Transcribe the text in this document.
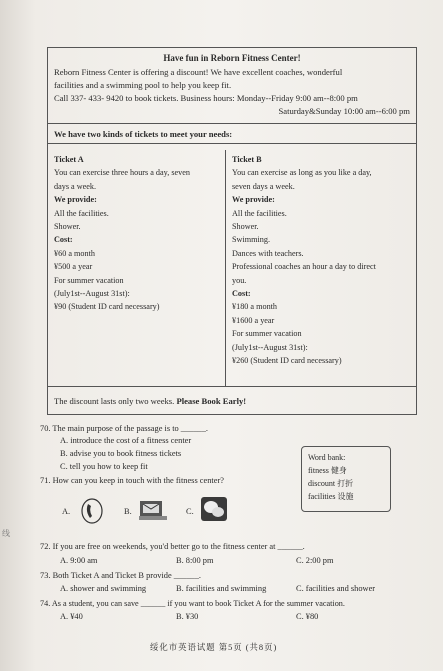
Have fun in Reborn Fitness Center!
Reborn Fitness Center is offering a discount! We have excellent coaches, wonderful
facilities and a swimming pool to help you keep fit.
Call 337- 433- 9420 to book tickets. Business hours: Monday--Friday 9:00 am--8:00 pm
Saturday&Sunday 10:00 am--6:00 pm
We have two kinds of tickets to meet your needs:
Ticket A
You can exercise three hours a day, seven
days a week.
We provide:
All the facilities.
Shower.
Cost:
¥60 a month
¥500 a year
For summer vacation
(July1st--August 31st):
¥90 (Student ID card necessary)
Ticket B
You can exercise as long as you like a day,
seven days a week.
We provide:
All the facilities.
Shower.
Swimming.
Dances with teachers.
Professional coaches an hour a day to direct
you.
Cost:
¥180 a month
¥1600 a year
For summer vacation
(July1st--August 31st):
¥260 (Student ID card necessary)
The discount lasts only two weeks. Please Book Early!
70. The main purpose of the passage is to ______.
A. introduce the cost of a fitness center
B. advise you to book fitness tickets
C. tell you how to keep fit
Word bank:
fitness 健身
discount 打折
facilities 设施
71. How can you keep in touch with the fitness center?
A.	B.	C.
72. If you are free on weekends, you'd better go to the fitness center at ______.
A. 9:00 am	B. 8:00 pm	C. 2:00 pm
73. Both Ticket A and Ticket B provide ______.
A. shower and swimming	B. facilities and swimming	C. facilities and shower
74. As a student, you can save ______ if you want to book Ticket A for the summer vacation.
A. ¥40	B. ¥30	C. ¥80
线
绥化市英语试题 第5页 (共8页)
